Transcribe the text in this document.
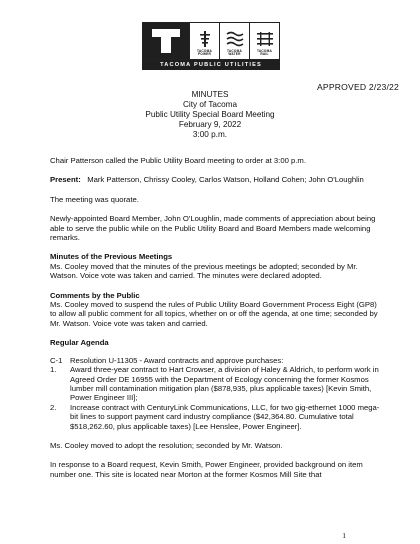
TACOMA
POWER
TACOMA
WATER
TACOMA
RAIL
TACOMA PUBLIC UTILITIES
APPROVED 2/23/22
MINUTES
City of Tacoma
Public Utility Special Board Meeting
February 9, 2022
3:00 p.m.

Chair Patterson called the Public Utility Board meeting to order at 3:00 p.m.

Present: Mark Patterson, Chrissy Cooley, Carlos Watson, Holland Cohen; John O'Loughlin

The meeting was quorate.

Newly-appointed Board Member, John O'Loughlin, made comments of appreciation about being able to serve the public while on the Public Utility Board and Board Members made welcoming remarks.

Minutes of the Previous Meetings

Ms. Cooley moved that the minutes of the previous meetings be adopted; seconded by Mr. Watson. Voice vote was taken and carried. The minutes were declared adopted.

Comments by the Public

Ms. Cooley moved to suspend the rules of Public Utility Board Government Process Eight (GP8) to allow all public comment for all topics, whether on or off the agenda, at one time; seconded by Mr. Watson. Voice vote was taken and carried.

Regular Agenda

C-1 Resolution U-11305 - Award contracts and approve purchases:
1.	Award three-year contract to Hart Crowser, a division of Haley & Aldrich, to perform work in Agreed Order DE 16955 with the Department of Ecology concerning the former Kosmos lumber mill contamination mitigation plan ($878,935, plus applicable taxes) [Kevin Smith, Power Engineer III];
2.	Increase contract with CenturyLink Communications, LLC, for two gig-ethernet 1000 mega-bit lines to support payment card industry compliance ($42,364.80. Cumulative total $518,262.60, plus applicable taxes) [Lee Henslee, Power Engineer].

Ms. Cooley moved to adopt the resolution; seconded by Mr. Watson.

In response to a Board request, Kevin Smith, Power Engineer, provided background on item number one. This site is located near Morton at the former Kosmos Mill Site that

1
